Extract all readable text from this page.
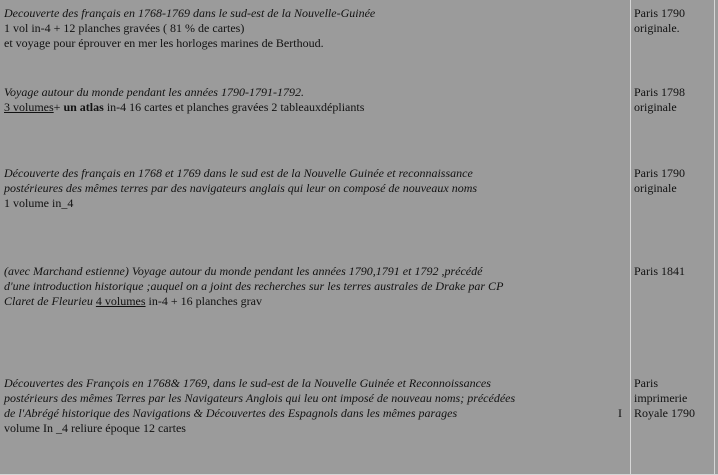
Decouverte des français en 1768-1769 dans le sud-est de la Nouvelle-Guinée
1 vol in-4 + 12 planches gravées ( 81 % de cartes)
et voyage pour éprouver en mer les horloges marines de Berthoud.
Paris 1790
originale.
Voyage autour du monde pendant les années 1790-1791-1792.
3 volumes+ un atlas in-4 16 cartes et planches gravées 2 tableauxdépliants
Paris 1798
originale
Découverte des français en 1768 et 1769 dans le sud est de la Nouvelle Guinée et reconnaissance
postérieures des mêmes terres par des navigateurs anglais qui leur on composé de nouveaux noms
1 volume in_4
Paris 1790
originale
(avec Marchand estienne) Voyage autour du monde pendant les années 1790,1791 et 1792 ,précédé
d'une introduction historique ;auquel on a joint des recherches sur les terres australes de Drake par CP
Claret de Fleurieu 4 volumes in-4 + 16 planches grav
Paris 1841
Découvertes des François en 1768& 1769, dans le sud-est de la Nouvelle Guinée et Reconnoissances
postérieurs des mêmes Terres par les Navigateurs Anglois qui leu ont imposé de nouveau noms; précédées
de l'Abrégé historique des Navigations & Découvertes des Espagnols dans les mêmes parages	I
volume In _4 reliure époque 12 cartes
Paris
imprimerie
Royale 1790
